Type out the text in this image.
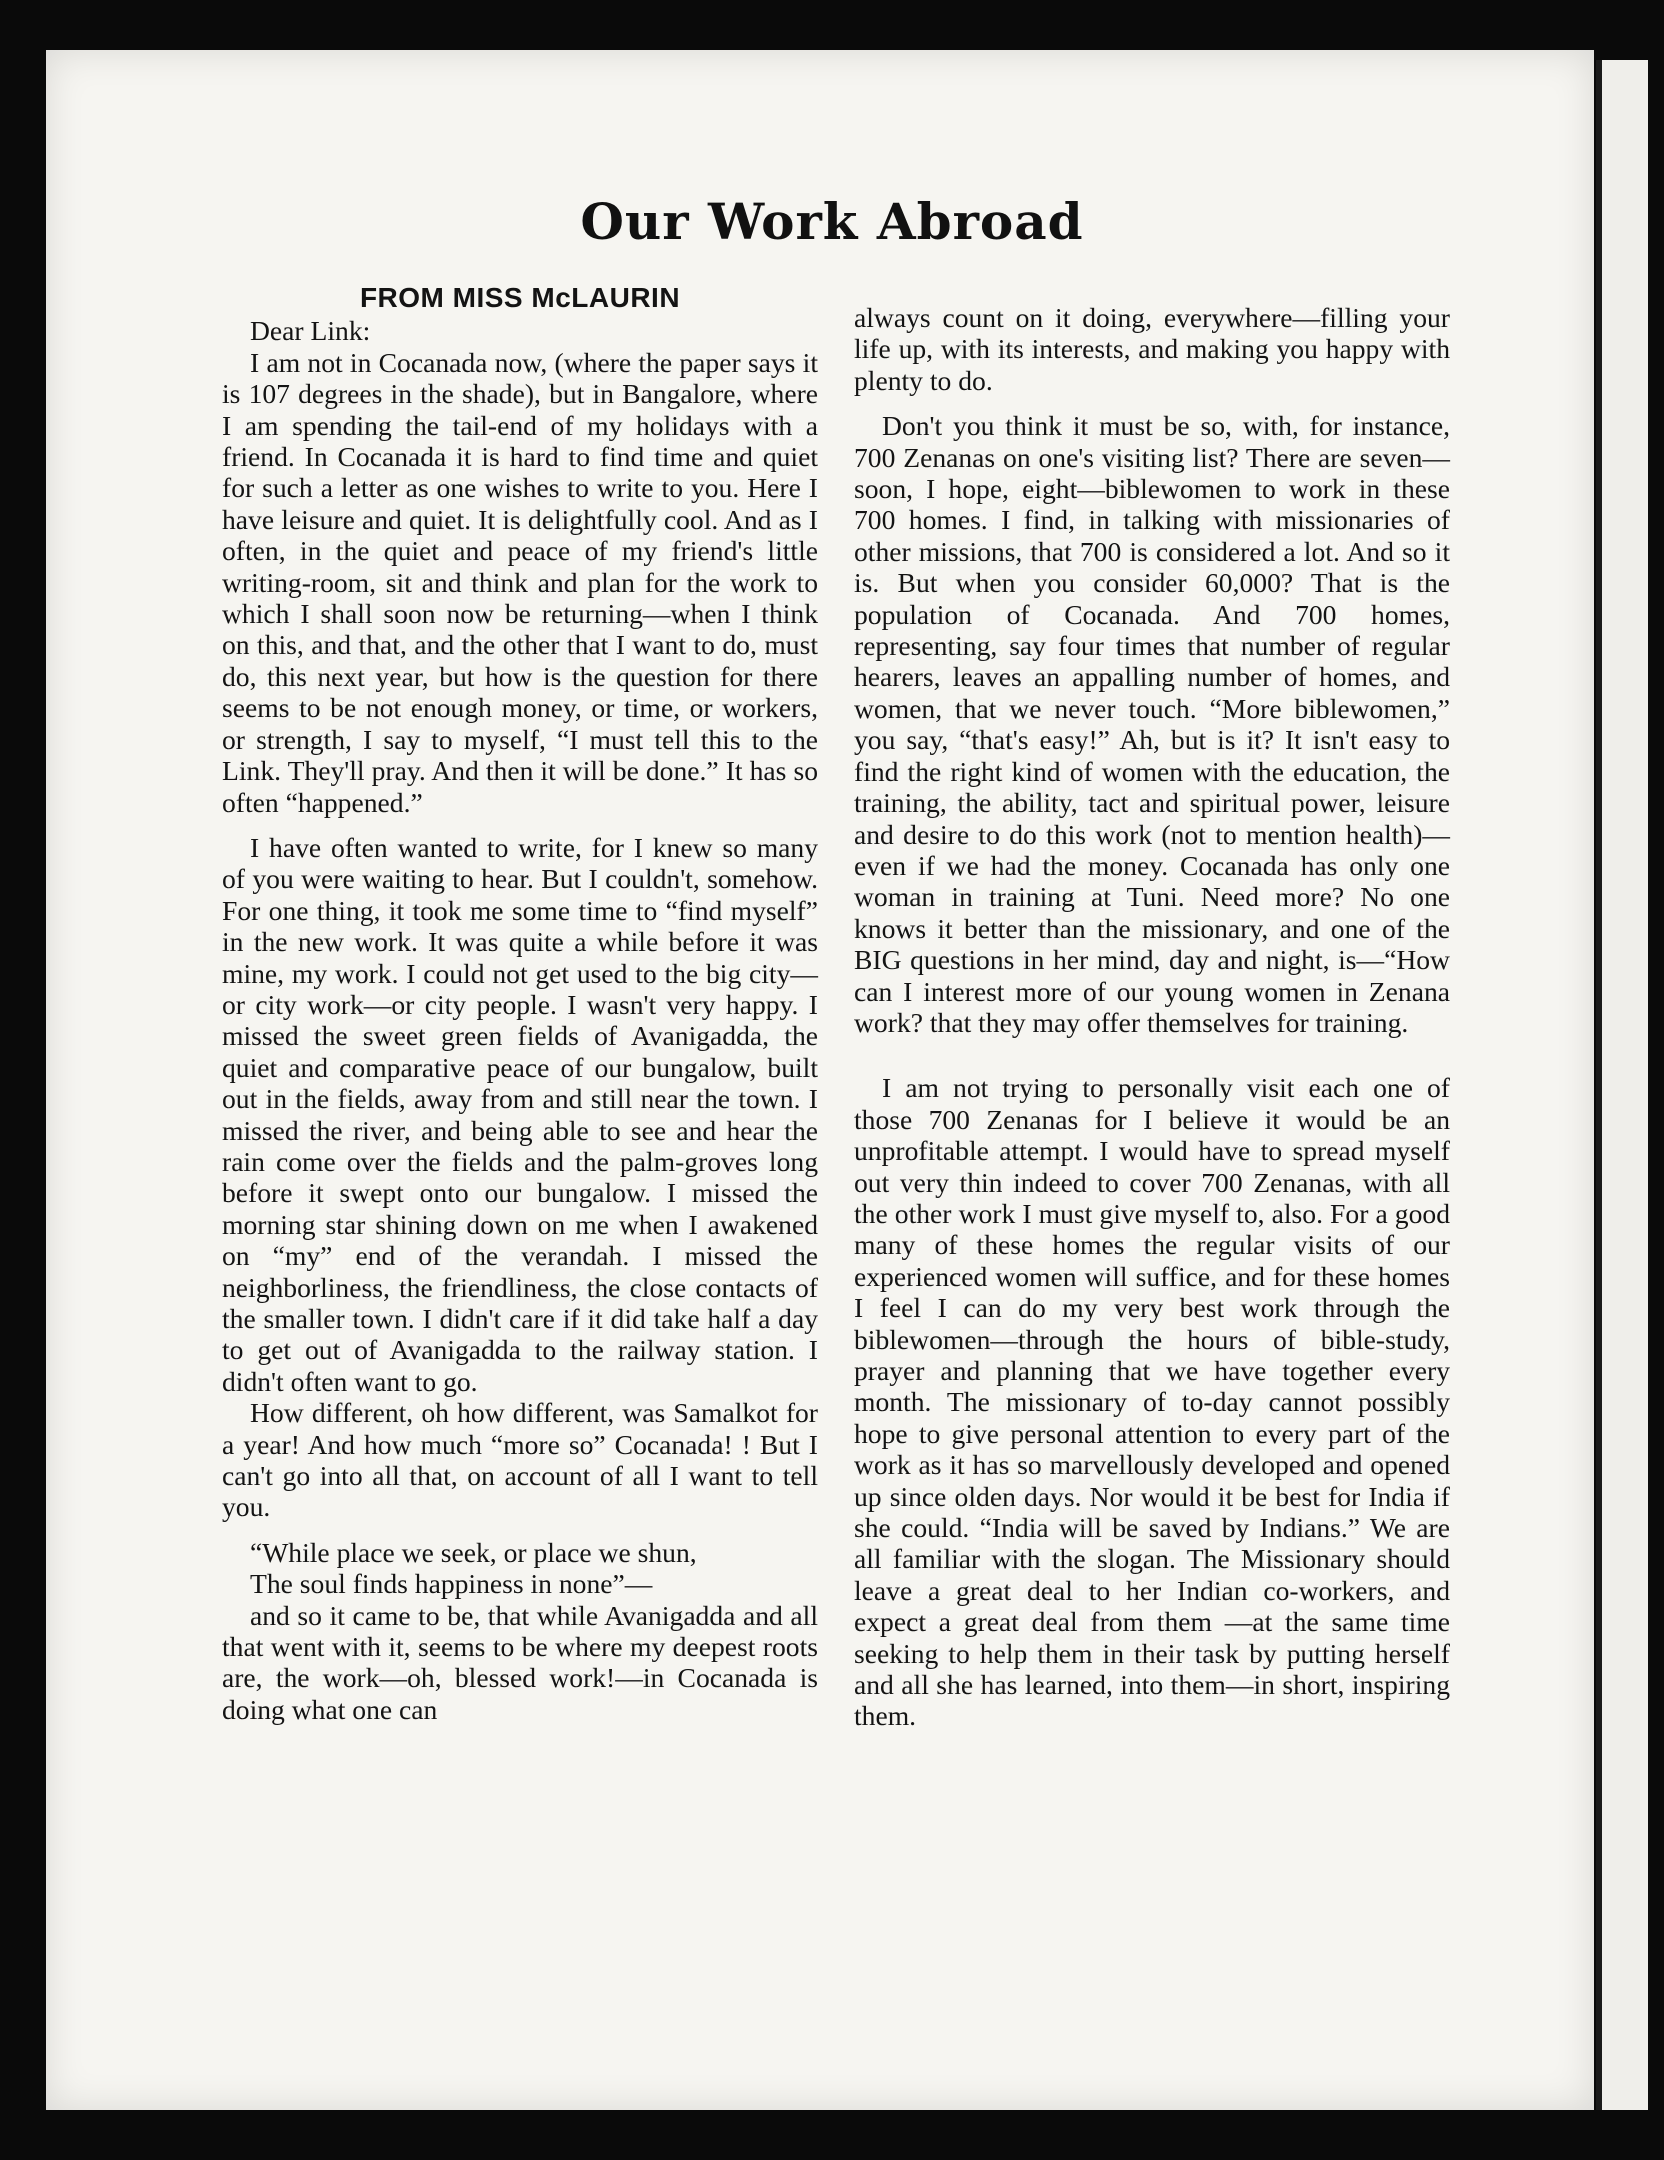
Our Work Abroad
FROM MISS McLAURIN

Dear Link:

I am not in Cocanada now, (where the paper says it is 107 degrees in the shade), but in Bangalore, where I am spending the tail-end of my holidays with a friend. In Cocanada it is hard to find time and quiet for such a letter as one wishes to write to you. Here I have leisure and quiet. It is delightfully cool. And as I often, in the quiet and peace of my friend's little writing-room, sit and think and plan for the work to which I shall soon now be returning—when I think on this, and that, and the other that I want to do, must do, this next year, but how is the question for there seems to be not enough money, or time, or workers, or strength, I say to myself, “I must tell this to the Link. They'll pray. And then it will be done.” It has so often “happened.”

I have often wanted to write, for I knew so many of you were waiting to hear. But I couldn't, somehow. For one thing, it took me some time to “find myself” in the new work. It was quite a while before it was mine, my work. I could not get used to the big city—or city work—or city people. I wasn't very happy. I missed the sweet green fields of Avanigadda, the quiet and comparative peace of our bungalow, built out in the fields, away from and still near the town. I missed the river, and being able to see and hear the rain come over the fields and the palm-groves long before it swept onto our bungalow. I missed the morning star shining down on me when I awakened on “my” end of the verandah. I missed the neighborliness, the friendliness, the close contacts of the smaller town. I didn't care if it did take half a day to get out of Avanigadda to the railway station. I didn't often want to go.

How different, oh how different, was Samalkot for a year! And how much “more so” Cocanada! ! But I can't go into all that, on account of all I want to tell you.

“While place we seek, or place we shun,

The soul finds happiness in none”—

and so it came to be, that while Avanigadda and all that went with it, seems to be where my deepest roots are, the work—oh, blessed work!—in Cocanada is doing what one can

always count on it doing, everywhere—filling your life up, with its interests, and making you happy with plenty to do.

Don't you think it must be so, with, for instance, 700 Zenanas on one's visiting list? There are seven—soon, I hope, eight—biblewomen to work in these 700 homes. I find, in talking with missionaries of other missions, that 700 is considered a lot. And so it is. But when you consider 60,000? That is the population of Cocanada. And 700 homes, representing, say four times that number of regular hearers, leaves an appalling number of homes, and women, that we never touch. “More biblewomen,” you say, “that's easy!” Ah, but is it? It isn't easy to find the right kind of women with the education, the training, the ability, tact and spiritual power, leisure and desire to do this work (not to mention health)—even if we had the money. Cocanada has only one woman in training at Tuni. Need more? No one knows it better than the missionary, and one of the BIG questions in her mind, day and night, is—“How can I interest more of our young women in Zenana work? that they may offer themselves for training.

I am not trying to personally visit each one of those 700 Zenanas for I believe it would be an unprofitable attempt. I would have to spread myself out very thin indeed to cover 700 Zenanas, with all the other work I must give myself to, also. For a good many of these homes the regular visits of our experienced women will suffice, and for these homes I feel I can do my very best work through the biblewomen—through the hours of bible-study, prayer and planning that we have together every month. The missionary of to-day cannot possibly hope to give personal attention to every part of the work as it has so marvellously developed and opened up since olden days. Nor would it be best for India if she could. “India will be saved by Indians.” We are all familiar with the slogan. The Missionary should leave a great deal to her Indian co-workers, and expect a great deal from them —at the same time seeking to help them in their task by putting herself and all she has learned, into them—in short, inspiring them.
